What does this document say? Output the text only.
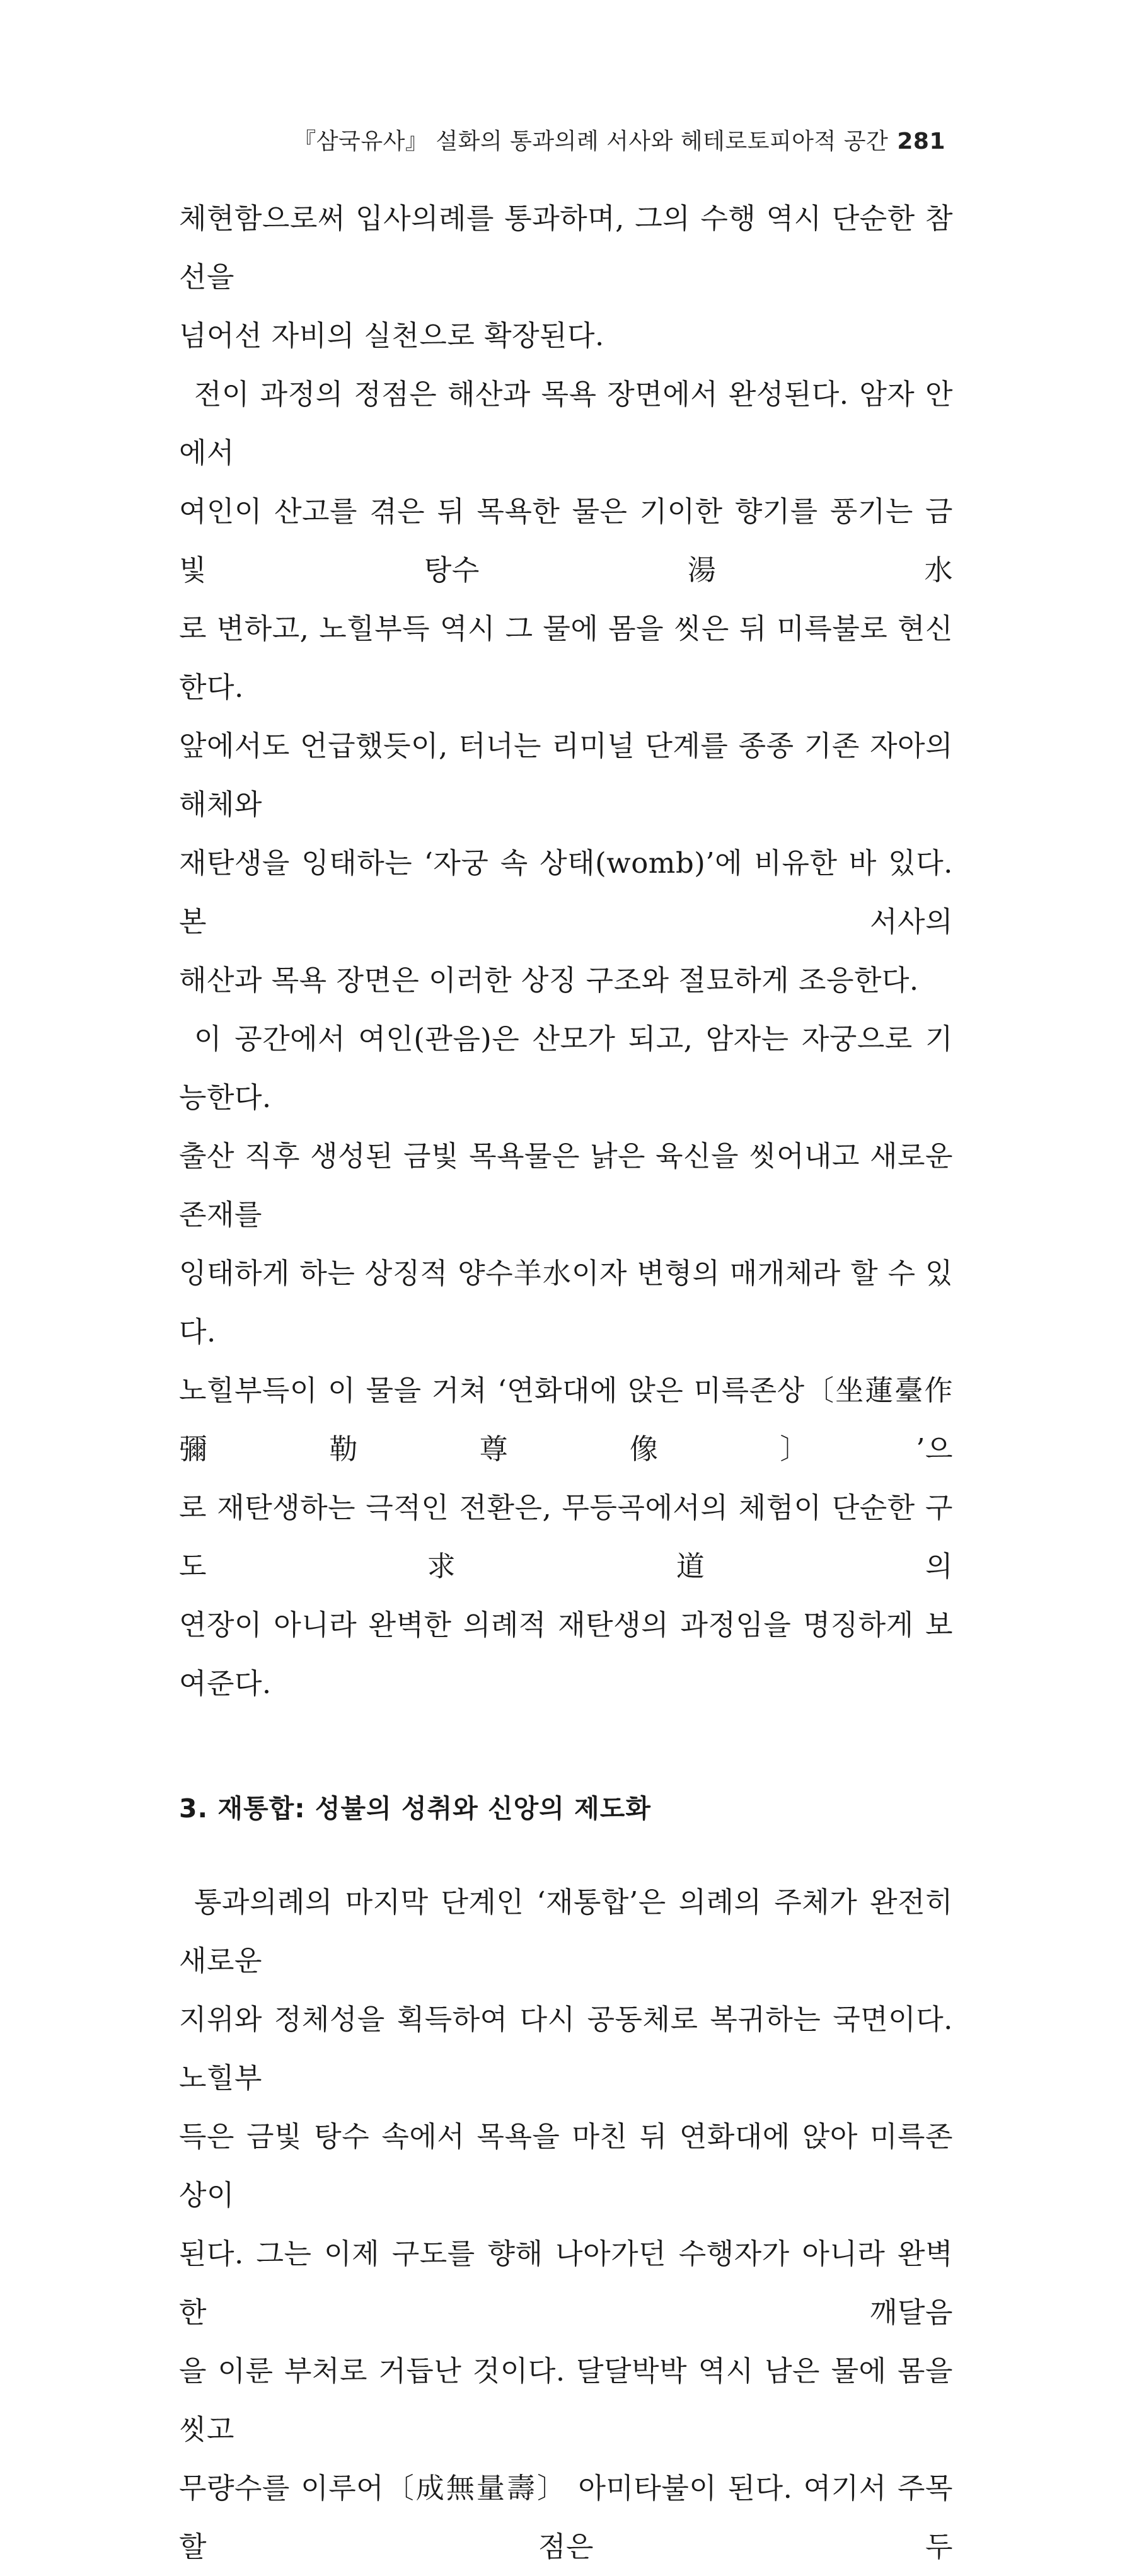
『삼국유사』 설화의 통과의례 서사와 헤테로토피아적 공간 281

체현함으로써 입사의례를 통과하며, 그의 수행 역시 단순한 참선을

넘어선 자비의 실천으로 확장된다.

전이 과정의 정점은 해산과 목욕 장면에서 완성된다. 암자 안에서

여인이 산고를 겪은 뒤 목욕한 물은 기이한 향기를 풍기는 금빛 탕수湯水

로 변하고, 노힐부득 역시 그 물에 몸을 씻은 뒤 미륵불로 현신한다.

앞에서도 언급했듯이, 터너는 리미널 단계를 종종 기존 자아의 해체와

재탄생을 잉태하는 ‘자궁 속 상태(womb)’에 비유한 바 있다. 본 서사의

해산과 목욕 장면은 이러한 상징 구조와 절묘하게 조응한다.

이 공간에서 여인(관음)은 산모가 되고, 암자는 자궁으로 기능한다.

출산 직후 생성된 금빛 목욕물은 낡은 육신을 씻어내고 새로운 존재를

잉태하게 하는 상징적 양수羊水이자 변형의 매개체라 할 수 있다.

노힐부득이 이 물을 거쳐 ‘연화대에 앉은 미륵존상〔坐蓮臺作彌勒尊像〕’으

로 재탄생하는 극적인 전환은, 무등곡에서의 체험이 단순한 구도求道의

연장이 아니라 완벽한 의례적 재탄생의 과정임을 명징하게 보여준다.

3. 재통합: 성불의 성취와 신앙의 제도화

통과의례의 마지막 단계인 ‘재통합’은 의례의 주체가 완전히 새로운

지위와 정체성을 획득하여 다시 공동체로 복귀하는 국면이다. 노힐부

득은 금빛 탕수 속에서 목욕을 마친 뒤 연화대에 앉아 미륵존상이

된다. 그는 이제 구도를 향해 나아가던 수행자가 아니라 완벽한 깨달음

을 이룬 부처로 거듭난 것이다. 달달박박 역시 남은 물에 몸을 씻고

무량수를 이루어〔成無量壽〕 아미타불이 된다. 여기서 주목할 점은 두
